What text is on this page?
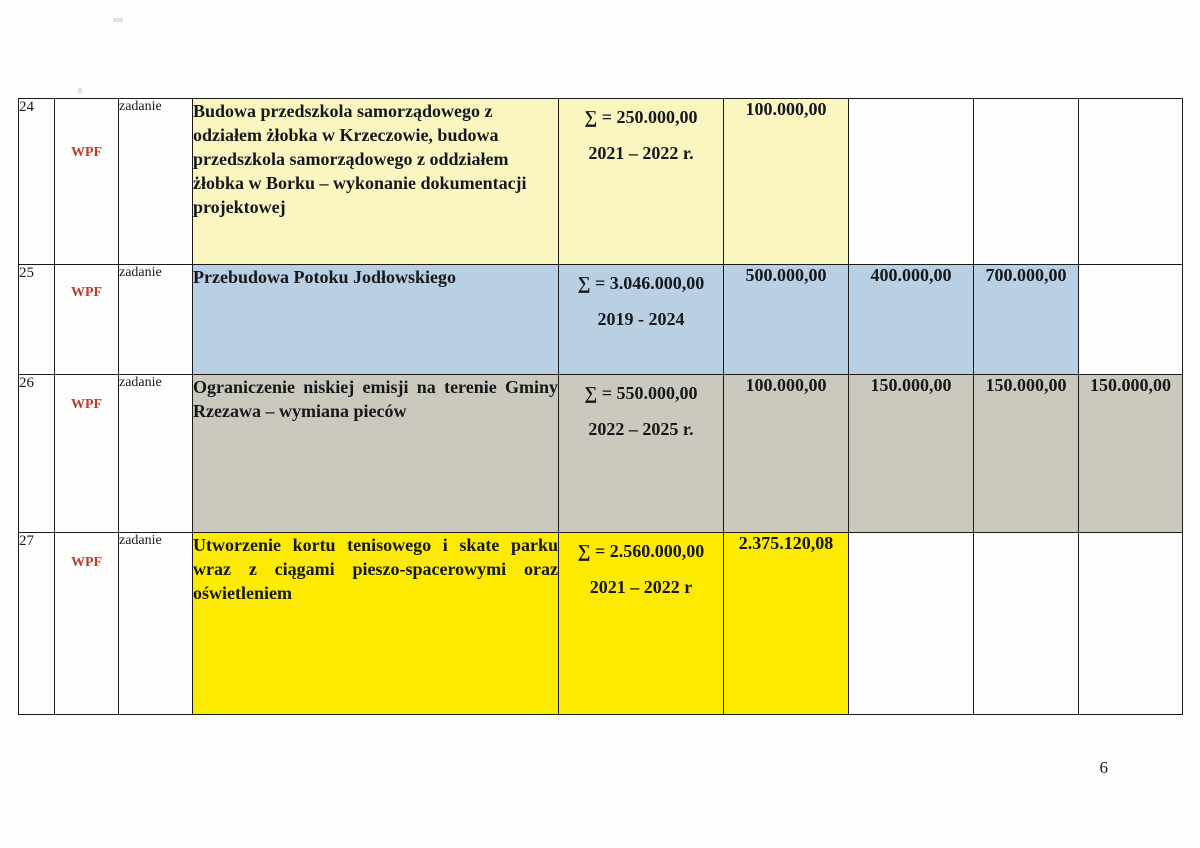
24	WPF	zadanie	Budowa przedszkola samorządowego z odziałem żłobka w Krzeczowie, budowa przedszkola samorządowego z oddziałem żłobka w Borku – wykonanie dokumentacji projektowej	∑ = 250.000,00
2021 – 2022 r.	100.000,00			
25	WPF	zadanie	Przebudowa Potoku Jodłowskiego	∑ = 3.046.000,00
2019 - 2024	500.000,00	400.000,00	700.000,00	
26	WPF	zadanie	Ograniczenie niskiej emisji na terenie Gminy Rzezawa – wymiana pieców	∑ = 550.000,00
2022 – 2025 r.	100.000,00	150.000,00	150.000,00	150.000,00
27	WPF	zadanie	Utworzenie kortu tenisowego i skate parku wraz z ciągami pieszo-spacerowymi oraz oświetleniem	∑ = 2.560.000,00
2021 – 2022 r	2.375.120,08			
6
